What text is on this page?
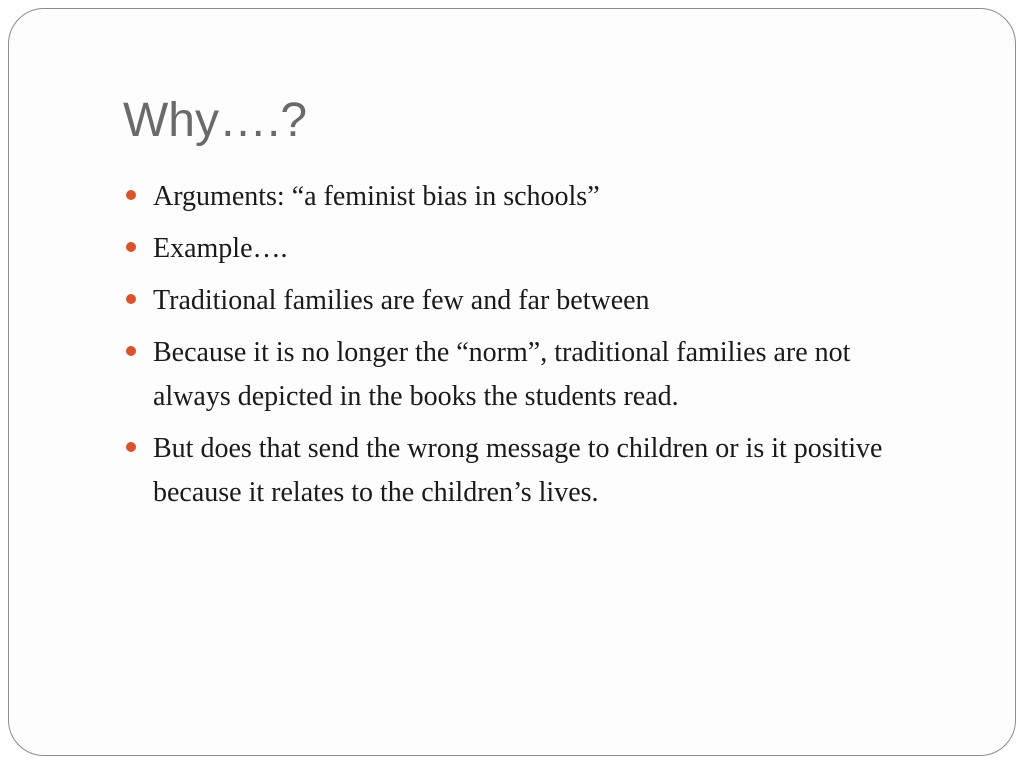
Why….?
Arguments: “a feminist bias in schools”
Example….
Traditional families are few and far between
Because it is no longer the “norm”, traditional families are not always depicted in the books the students read.
But does that send the wrong message to children or is it positive because it relates to the children’s lives.
